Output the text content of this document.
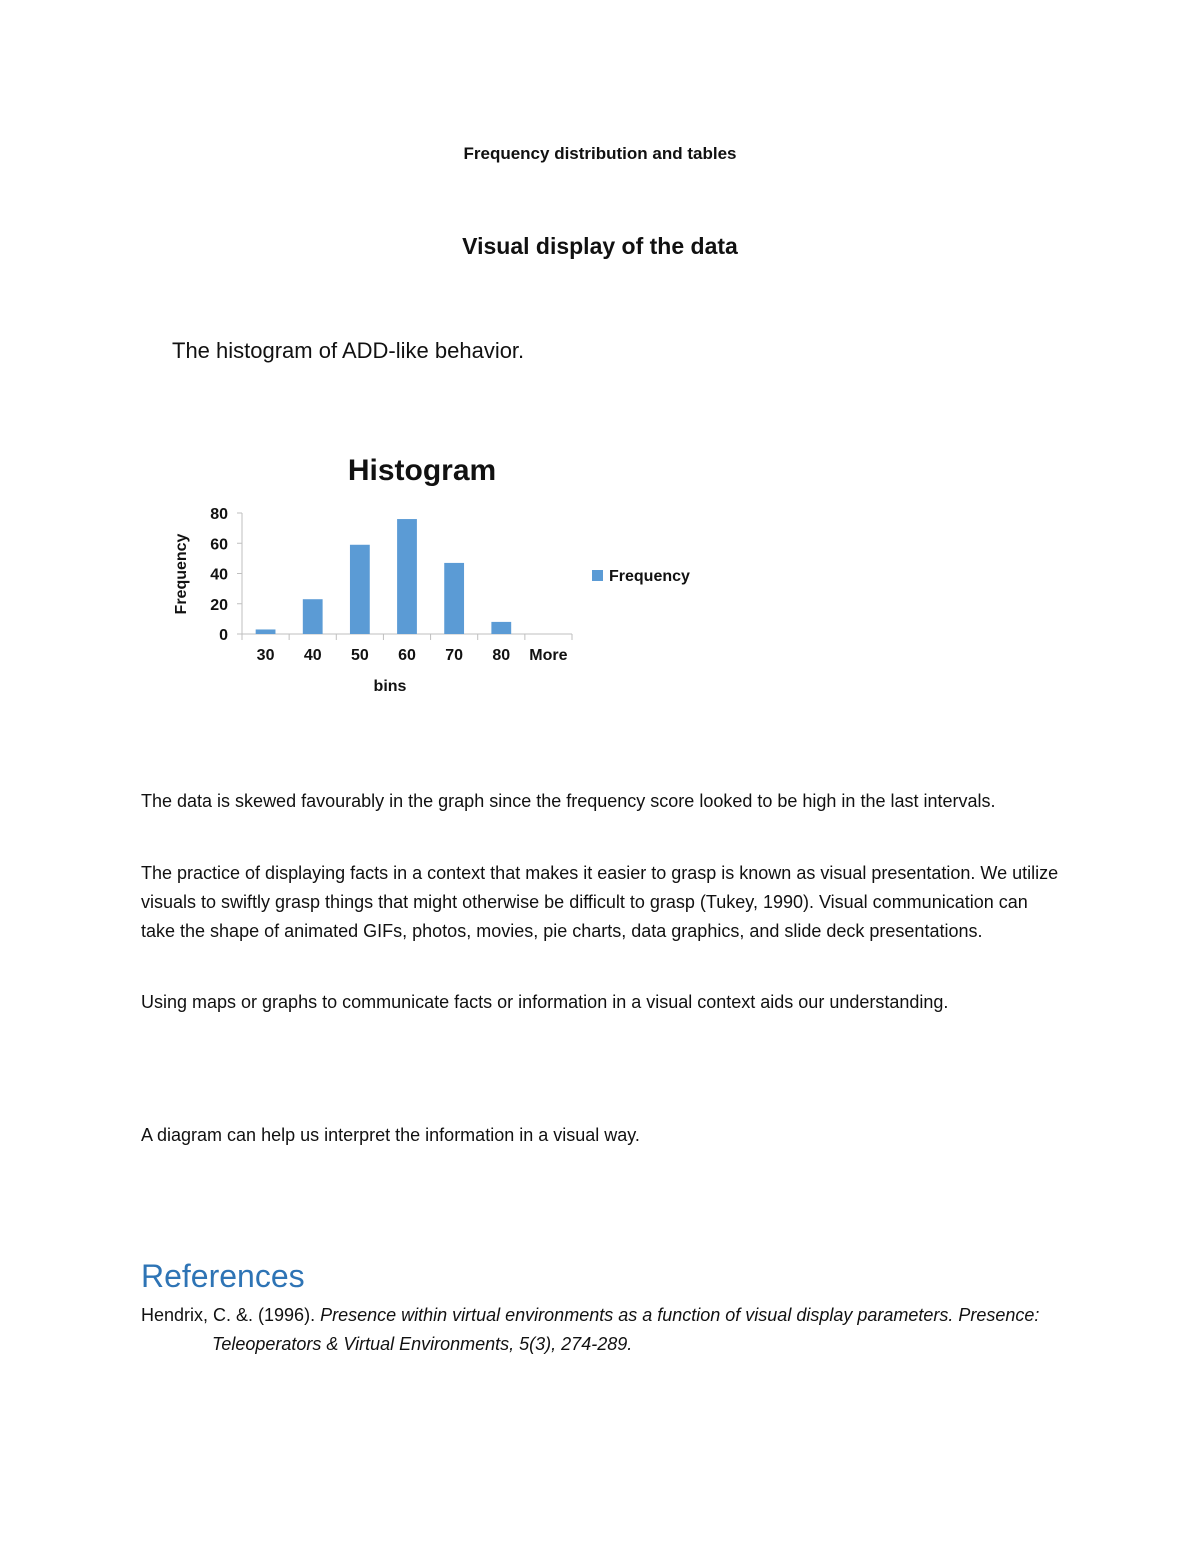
Frequency distribution and tables
Visual display of the data

The histogram of ADD-like behavior.

Histogram
0
20
40
60
80
30 40 50 60 70 80 More
Frequency
bins
Frequency

The data is skewed favourably in the graph since the frequency score looked to be high in the last intervals.

The practice of displaying facts in a context that makes it easier to grasp is known as visual presentation. We utilize visuals to swiftly grasp things that might otherwise be difficult to grasp (Tukey, 1990). Visual communication can take the shape of animated GIFs, photos, movies, pie charts, data graphics, and slide deck presentations.

Using maps or graphs to communicate facts or information in a visual context aids our understanding.

A diagram can help us interpret the information in a visual way.

References

Hendrix, C. &. (1996). Presence within virtual environments as a function of visual display parameters. Presence: Teleoperators & Virtual Environments, 5(3), 274-289.
